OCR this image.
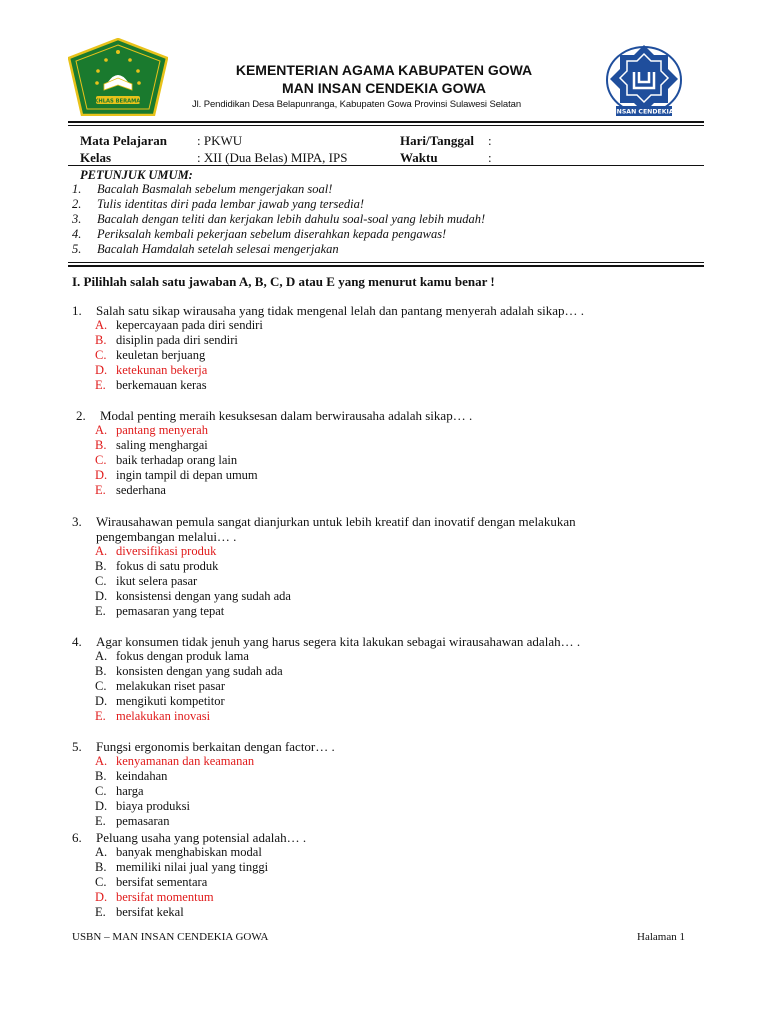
IKHLAS BERAMAL
INSAN CENDEKIA
KEMENTERIAN AGAMA KABUPATEN GOWA
MAN INSAN CENDEKIA GOWA
Jl. Pendidikan Desa Belapunranga, Kabupaten Gowa Provinsi Sulawesi Selatan
Mata Pelajaran : PKWU	Hari/Tanggal :
Kelas	: XII (Dua Belas) MIPA, IPS	Waktu	:
PETUNJUK UMUM:
1. Bacalah Basmalah sebelum mengerjakan soal!
2. Tulis identitas diri pada lembar jawab yang tersedia!
3. Bacalah dengan teliti dan kerjakan lebih dahulu soal-soal yang lebih mudah!
4. Periksalah kembali pekerjaan sebelum diserahkan kepada pengawas!
5. Bacalah Hamdalah setelah selesai mengerjakan
I. Pilihlah salah satu jawaban A, B, C, D atau E yang menurut kamu benar !
1. Salah satu sikap wirausaha yang tidak mengenal lelah dan pantang menyerah adalah sikap… .
A. kepercayaan pada diri sendiri
B. disiplin pada diri sendiri
C. keuletan berjuang
D. ketekunan bekerja
E. berkemauan keras
2. Modal penting meraih kesuksesan dalam berwirausaha adalah sikap… .
A. pantang menyerah
B. saling menghargai
C. baik terhadap orang lain
D. ingin tampil di depan umum
E. sederhana
3. Wirausahawan pemula sangat dianjurkan untuk lebih kreatif dan inovatif dengan melakukan
pengembangan melalui… .
A. diversifikasi produk
B. fokus di satu produk
C. ikut selera pasar
D. konsistensi dengan yang sudah ada
E. pemasaran yang tepat
4. Agar konsumen tidak jenuh yang harus segera kita lakukan sebagai wirausahawan adalah… .
A. fokus dengan produk lama
B. konsisten dengan yang sudah ada
C. melakukan riset pasar
D. mengikuti kompetitor
E. melakukan inovasi
5. Fungsi ergonomis berkaitan dengan factor… .
A. kenyamanan dan keamanan
B. keindahan
C. harga
D. biaya produksi
E. pemasaran
6. Peluang usaha yang potensial adalah… .
A. banyak menghabiskan modal
B. memiliki nilai jual yang tinggi
C. bersifat sementara
D. bersifat momentum
E. bersifat kekal
USBN – MAN INSAN CENDEKIA GOWA	Halaman 1
